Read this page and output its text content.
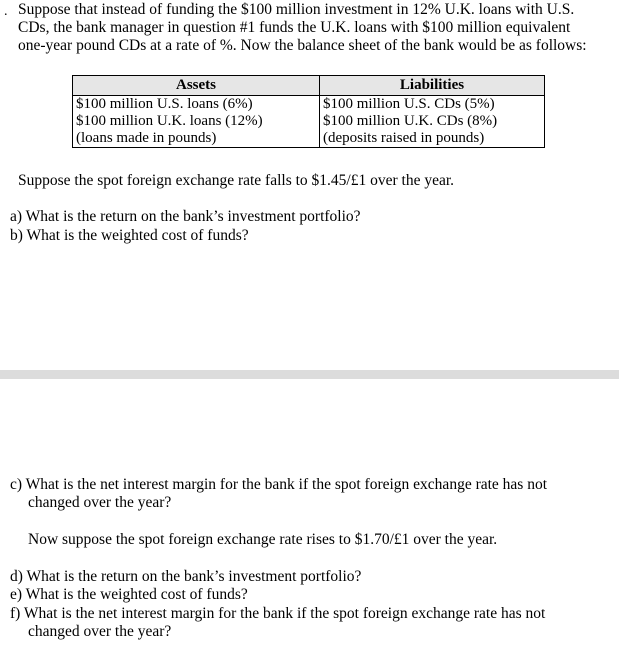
. Suppose that instead of funding the $100 million investment in 12% U.K. loans with U.S.
CDs, the bank manager in question #1 funds the U.K. loans with $100 million equivalent
one-year pound CDs at a rate of %. Now the balance sheet of the bank would be as follows:
Assets	Liabilities
$100 million U.S. loans (6%)	$100 million U.S. CDs (5%)
$100 million U.K. loans (12%)	$100 million U.K. CDs (8%)
(loans made in pounds)	(deposits raised in pounds)
Suppose the spot foreign exchange rate falls to $1.45/£1 over the year.
a) What is the return on the bank’s investment portfolio?
b) What is the weighted cost of funds?
c) What is the net interest margin for the bank if the spot foreign exchange rate has not
changed over the year?
Now suppose the spot foreign exchange rate rises to $1.70/£1 over the year.
d) What is the return on the bank’s investment portfolio?
e) What is the weighted cost of funds?
f) What is the net interest margin for the bank if the spot foreign exchange rate has not
changed over the year?
